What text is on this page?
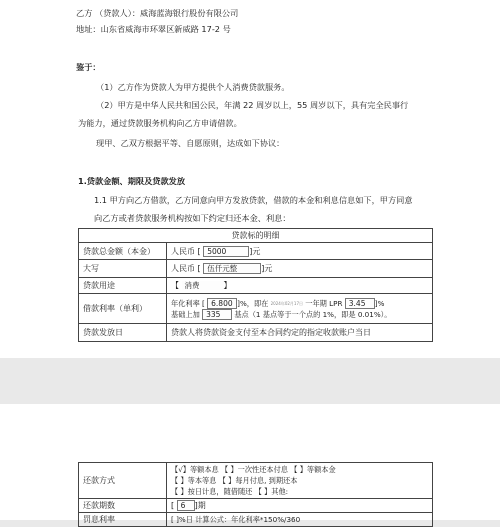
乙方 （贷款人）：威海蓝海银行股份有限公司
地址：山东省威海市环翠区新威路 17-2 号
鉴于：
（1）乙方作为贷款人为甲方提供个人消费贷款服务。
（2）甲方是中华人民共和国公民，年满 22 周岁以上，55 周岁以下，具有完全民事行
为能力，通过贷款服务机构向乙方申请借款。
现甲、乙双方根据平等、自愿原则，达成如下协议：
1.贷款金额、期限及贷款发放
1.1 甲方向乙方借款，乙方同意向甲方发放贷款，借款的本金和利息信息如下，甲方同意
向乙方或者贷款服务机构按如下约定归还本金、利息：
贷款标的明细	
贷款总金额（本金）	人民币 [ 5000 ]元
大写	人民币 [ 伍仟元整 ]元
贷款用途	【 消费 】
借款利率（单利）	年化利率 [ 6.800 ]%，即在 $^{2024年02月17日}$ 一年期 LPR 3.45 ]%
基础上加 335 基点（1 基点等于一个点的 1%，即是 0.01%）。

贷款发放日	贷款人将贷款资金支付至本合同约定的指定收款账户当日
还款方式	【√】等额本息 【 】一次性还本付息 【 】等额本金
【 】等本等息 【 】每月付息, 到期还本
【 】按日计息，随借随还 【 】其他:

还款期数	[ 6 ]期
罚息利率	[ ]%日 计算公式：年化利率*150%/360
